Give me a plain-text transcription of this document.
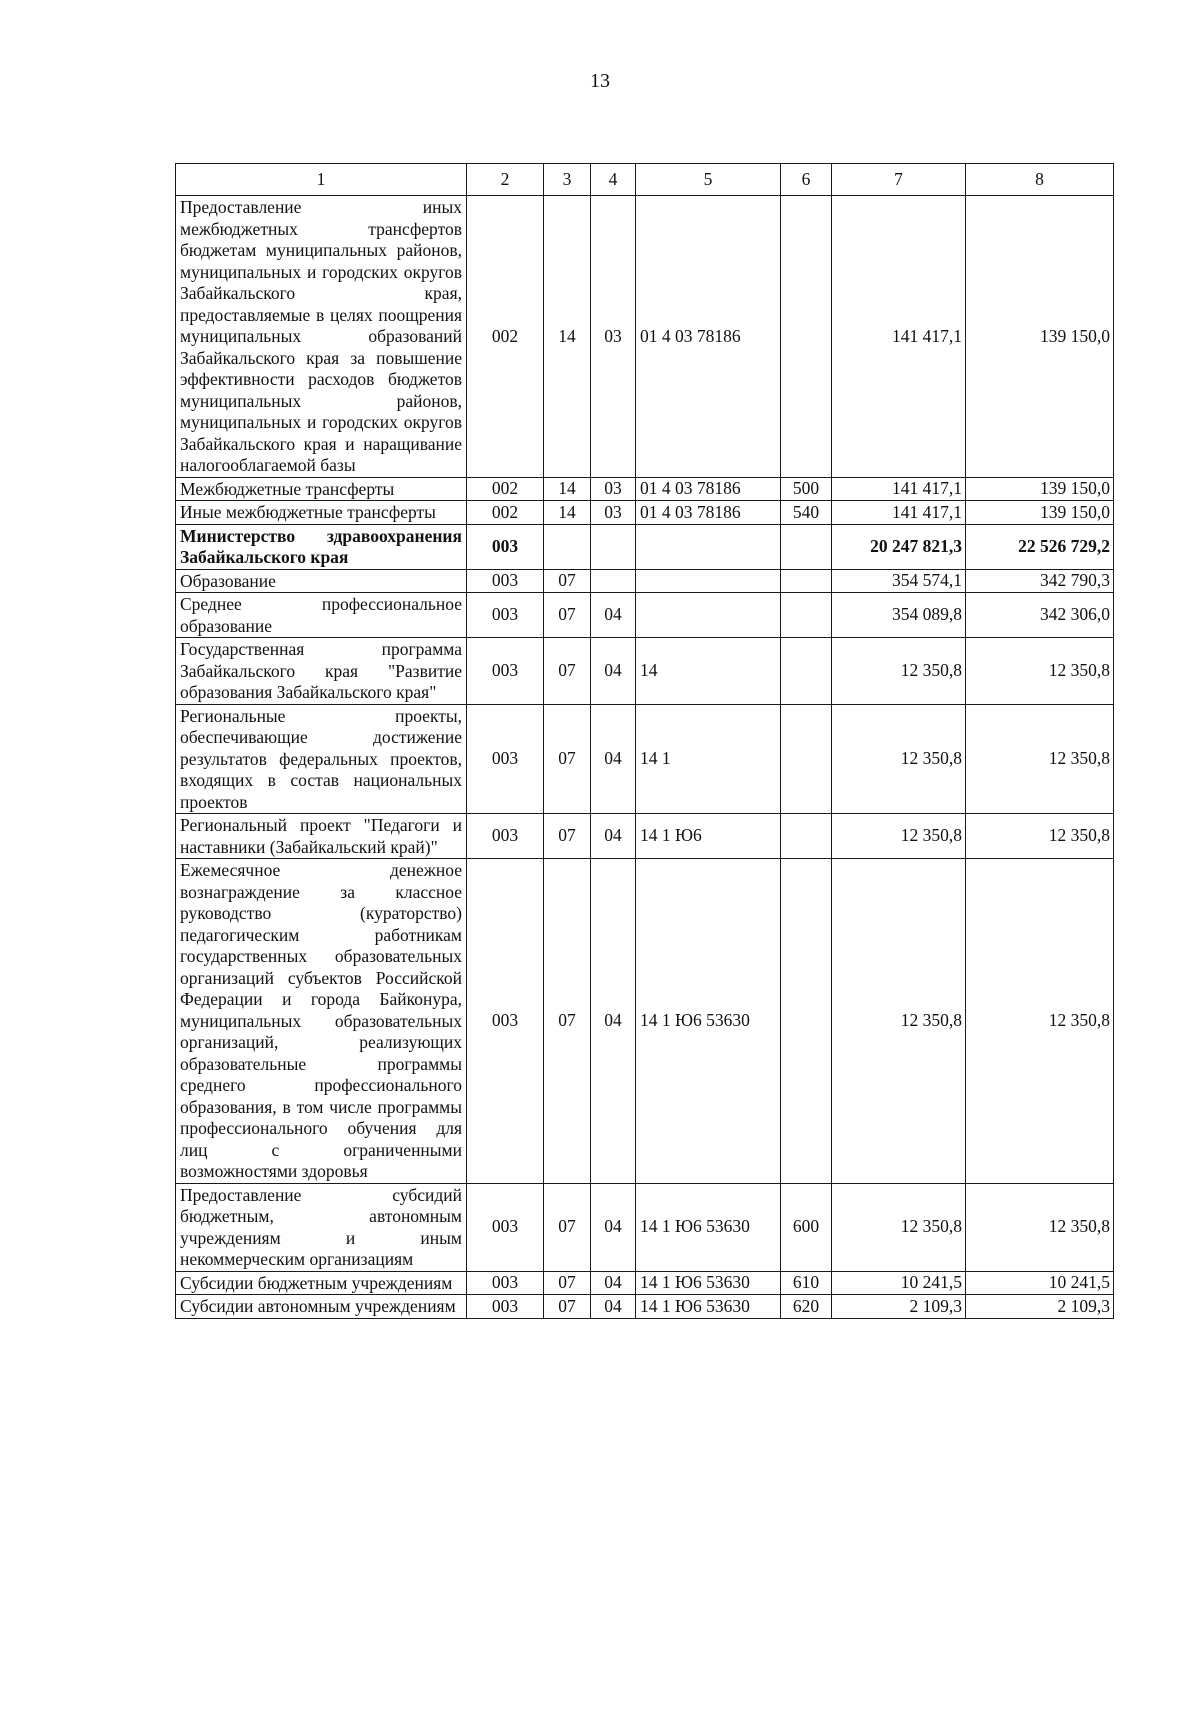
13
1	2	3	4	5	6	7	8
Предоставление иных межбюджетных трансфертов бюджетам муниципальных районов, муниципальных и городских округов Забайкальского края, предоставляемые в целях поощрения муниципальных образований Забайкальского края за повышение эффективности расходов бюджетов муниципальных районов, муниципальных и городских округов Забайкальского края и наращивание налогооблагаемой базы	002	14	03	01 4 03 78186		141 417,1	139 150,0
Межбюджетные трансферты	002	14	03	01 4 03 78186	500	141 417,1	139 150,0
Иные межбюджетные трансферты	002	14	03	01 4 03 78186	540	141 417,1	139 150,0
Министерство здравоохранения Забайкальского края	003					20 247 821,3	22 526 729,2
Образование	003	07				354 574,1	342 790,3
Среднее профессиональное образование	003	07	04			354 089,8	342 306,0
Государственная программа Забайкальского края "Развитие образования Забайкальского края"	003	07	04	14		12 350,8	12 350,8
Региональные проекты, обеспечивающие достижение результатов федеральных проектов, входящих в состав национальных проектов	003	07	04	14 1		12 350,8	12 350,8
Региональный проект "Педагоги и наставники (Забайкальский край)"	003	07	04	14 1 Ю6		12 350,8	12 350,8
Ежемесячное денежное вознаграждение за классное руководство (кураторство) педагогическим работникам государственных образовательных организаций субъектов Российской Федерации и города Байконура, муниципальных образовательных организаций, реализующих образовательные программы среднего профессионального образования, в том числе программы профессионального обучения для лиц с ограниченными возможностями здоровья	003	07	04	14 1 Ю6 53630		12 350,8	12 350,8
Предоставление субсидий бюджетным, автономным учреждениям и иным некоммерческим организациям	003	07	04	14 1 Ю6 53630	600	12 350,8	12 350,8
Субсидии бюджетным учреждениям	003	07	04	14 1 Ю6 53630	610	10 241,5	10 241,5
Субсидии автономным учреждениям	003	07	04	14 1 Ю6 53630	620	2 109,3	2 109,3
